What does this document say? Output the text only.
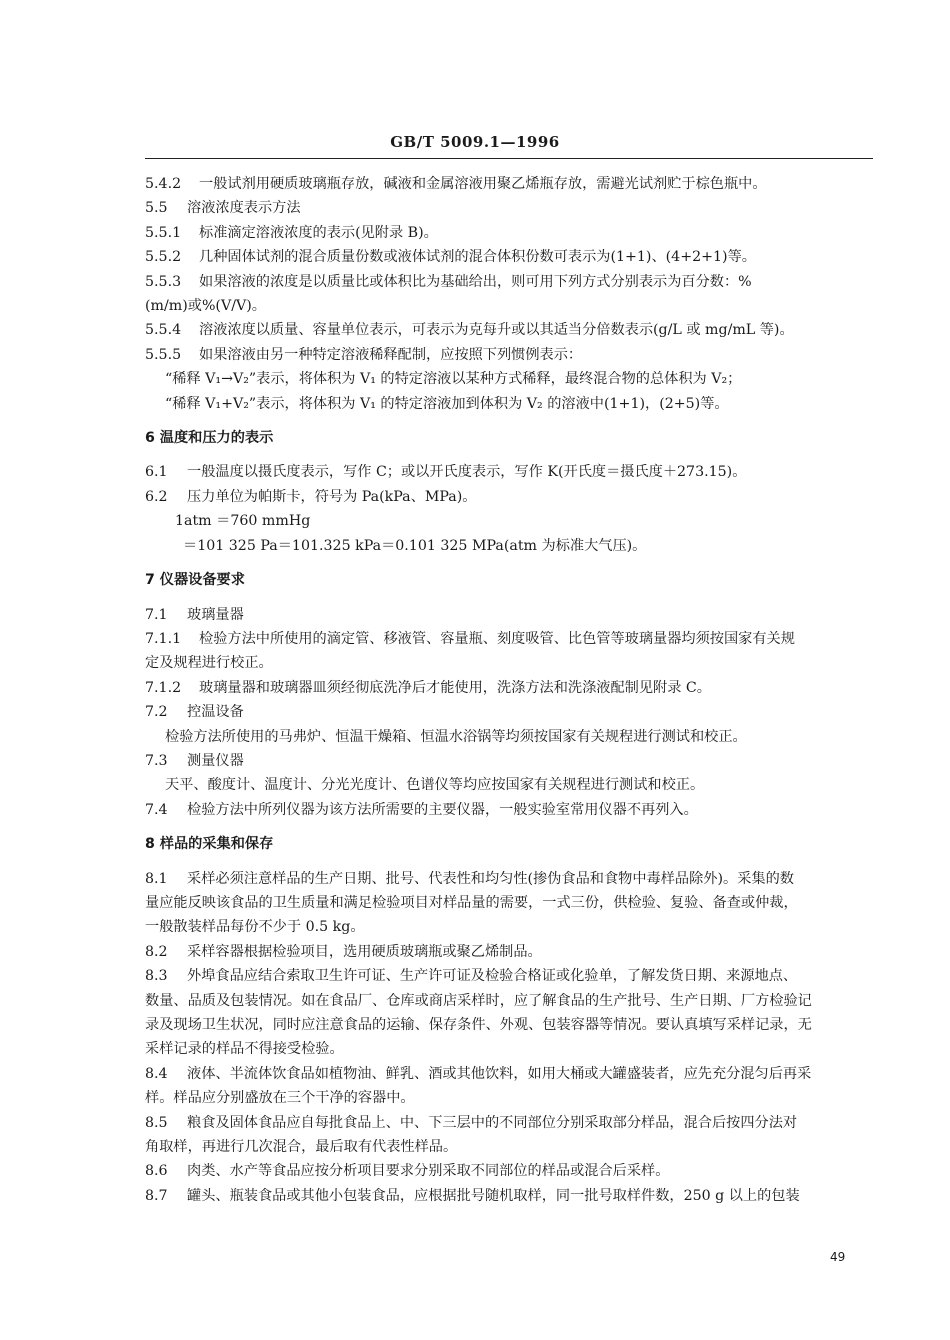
GB/T 5009.1—1996
5.4.2 一般试剂用硬质玻璃瓶存放，碱液和金属溶液用聚乙烯瓶存放，需避光试剂贮于棕色瓶中。
5.5 溶液浓度表示方法
5.5.1 标准滴定溶液浓度的表示(见附录 B)。
5.5.2 几种固体试剂的混合质量份数或液体试剂的混合体积份数可表示为(1+1)、(4+2+1)等。
5.5.3 如果溶液的浓度是以质量比或体积比为基础给出，则可用下列方式分别表示为百分数：%
(m/m)或%(V/V)。
5.5.4 溶液浓度以质量、容量单位表示，可表示为克每升或以其适当分倍数表示(g/L 或 mg/mL 等)。
5.5.5 如果溶液由另一种特定溶液稀释配制，应按照下列惯例表示：
“稀释 V₁→V₂”表示，将体积为 V₁ 的特定溶液以某种方式稀释，最终混合物的总体积为 V₂；
“稀释 V₁+V₂”表示，将体积为 V₁ 的特定溶液加到体积为 V₂ 的溶液中(1+1)，(2+5)等。
6 温度和压力的表示
6.1 一般温度以摄氏度表示，写作 C；或以开氏度表示，写作 K(开氏度＝摄氏度＋273.15)。
6.2 压力单位为帕斯卡，符号为 Pa(kPa、MPa)。
1atm ＝760 mmHg
＝101 325 Pa＝101.325 kPa＝0.101 325 MPa(atm 为标准大气压)。
7 仪器设备要求
7.1 玻璃量器
7.1.1 检验方法中所使用的滴定管、移液管、容量瓶、刻度吸管、比色管等玻璃量器均须按国家有关规
定及规程进行校正。
7.1.2 玻璃量器和玻璃器皿须经彻底洗净后才能使用，洗涤方法和洗涤液配制见附录 C。
7.2 控温设备
检验方法所使用的马弗炉、恒温干燥箱、恒温水浴锅等均须按国家有关规程进行测试和校正。
7.3 测量仪器
天平、酸度计、温度计、分光光度计、色谱仪等均应按国家有关规程进行测试和校正。
7.4 检验方法中所列仪器为该方法所需要的主要仪器，一般实验室常用仪器不再列入。
8 样品的采集和保存
8.1 采样必须注意样品的生产日期、批号、代表性和均匀性(掺伪食品和食物中毒样品除外)。采集的数
量应能反映该食品的卫生质量和满足检验项目对样品量的需要，一式三份，供检验、复验、备查或仲裁，
一般散装样品每份不少于 0.5 kg。
8.2 采样容器根据检验项目，选用硬质玻璃瓶或聚乙烯制品。
8.3 外埠食品应结合索取卫生许可证、生产许可证及检验合格证或化验单，了解发货日期、来源地点、
数量、品质及包装情况。如在食品厂、仓库或商店采样时，应了解食品的生产批号、生产日期、厂方检验记
录及现场卫生状况，同时应注意食品的运输、保存条件、外观、包装容器等情况。要认真填写采样记录，无
采样记录的样品不得接受检验。
8.4 液体、半流体饮食品如植物油、鲜乳、酒或其他饮料，如用大桶或大罐盛装者，应先充分混匀后再采
样。样品应分别盛放在三个干净的容器中。
8.5 粮食及固体食品应自每批食品上、中、下三层中的不同部位分别采取部分样品，混合后按四分法对
角取样，再进行几次混合，最后取有代表性样品。
8.6 肉类、水产等食品应按分析项目要求分别采取不同部位的样品或混合后采样。
8.7 罐头、瓶装食品或其他小包装食品，应根据批号随机取样，同一批号取样件数，250 g 以上的包装
49
